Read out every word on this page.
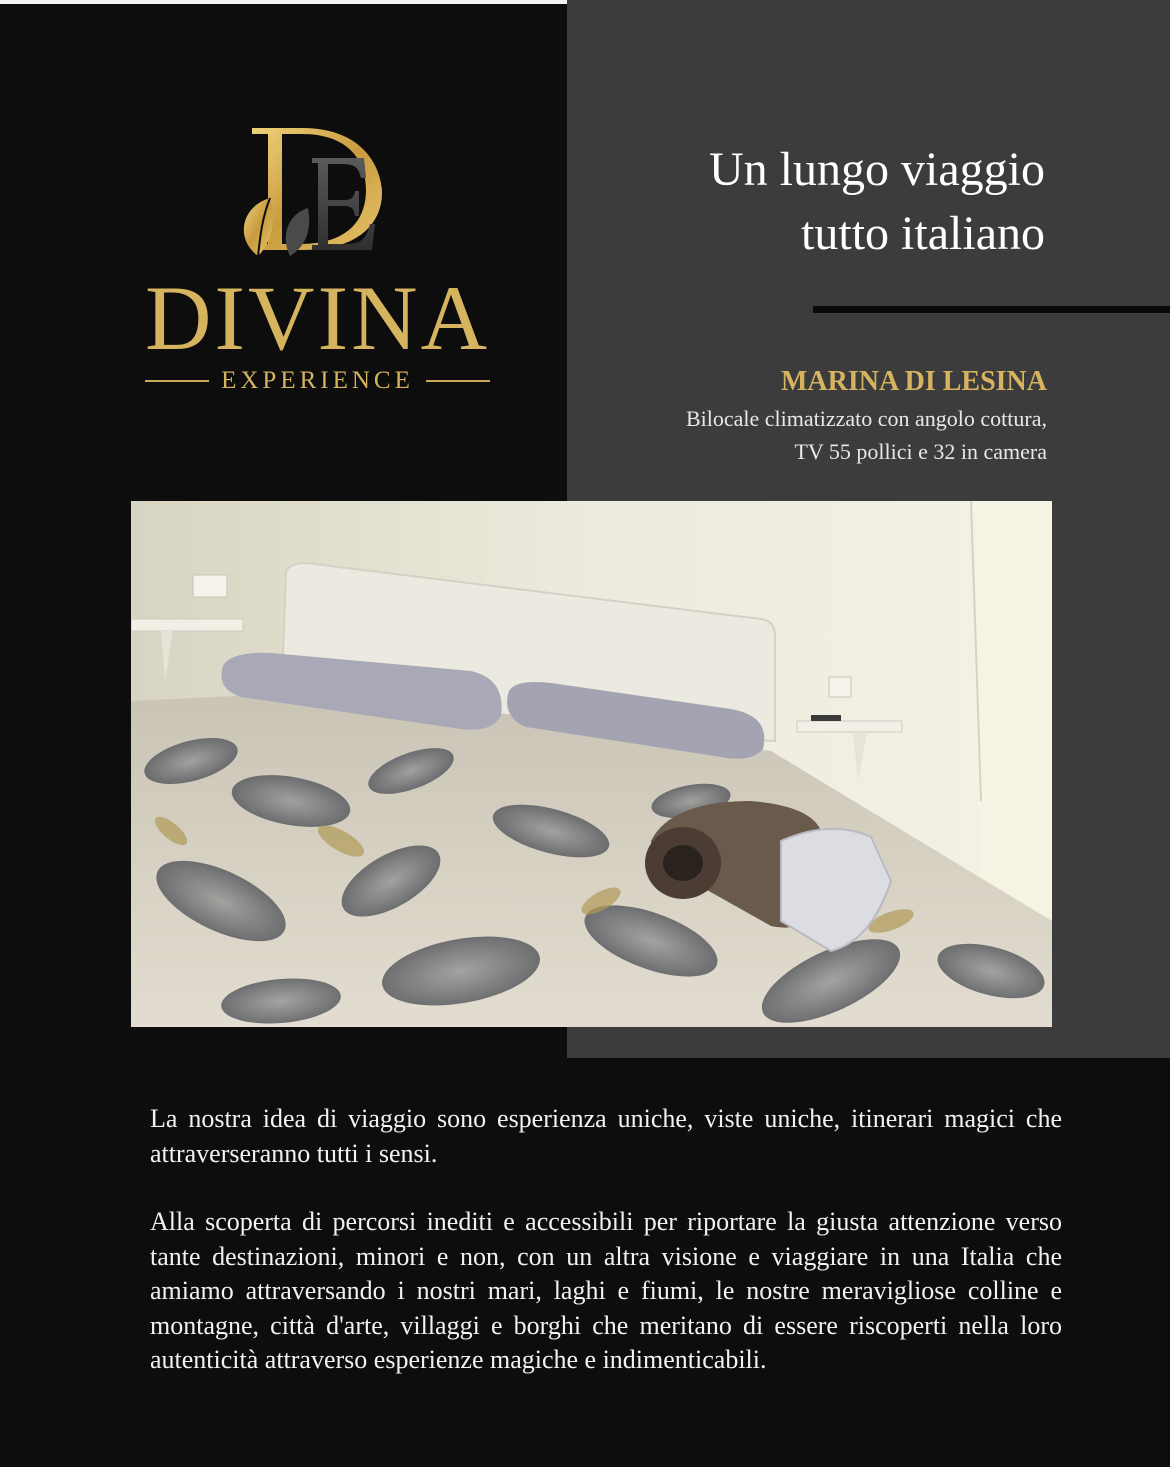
DIVINA
EXPERIENCE
Un lungo viaggio
tutto italiano
MARINA DI LESINA
Bilocale climatizzato con angolo cottura,
TV 55 pollici e 32 in camera

La nostra idea di viaggio sono esperienza uniche, viste uniche, itinerari magici che attraverseranno tutti i sensi.

Alla scoperta di percorsi inediti e accessibili per riportare la giusta attenzione verso tante destinazioni, minori e non, con un altra visione e viaggiare in una Italia che amiamo attraversando i nostri mari, laghi e fiumi, le nostre meravigliose colline e montagne, città d'arte, villaggi e borghi che meritano di essere riscoperti nella loro autenticità attraverso esperienze magiche e indimenticabili.
